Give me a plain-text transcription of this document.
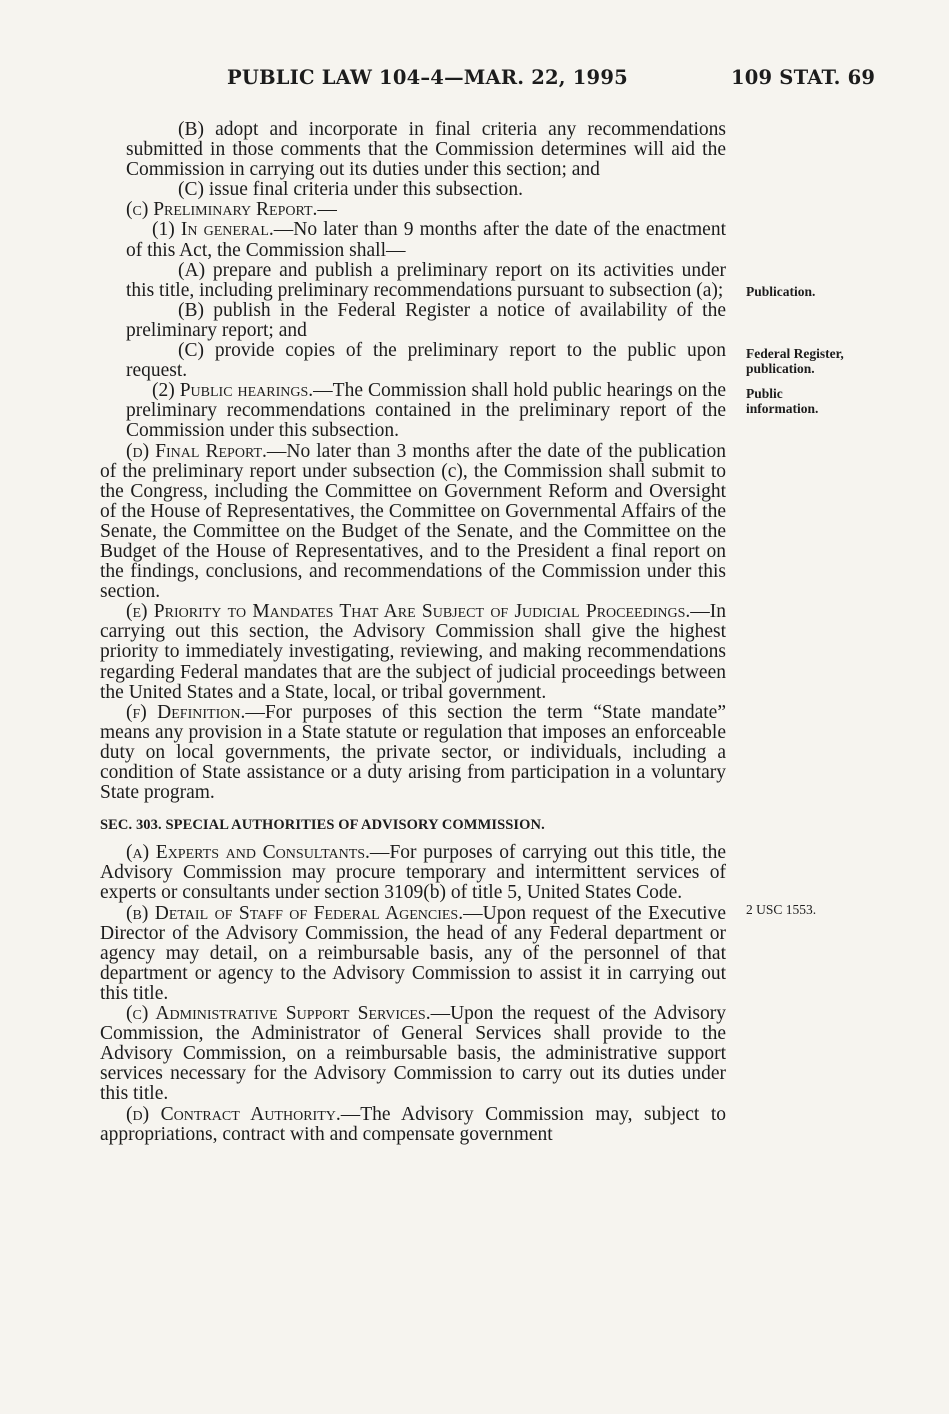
PUBLIC LAW 104–4—MAR. 22, 1995	109 STAT. 69

(B) adopt and incorporate in final criteria any recommendations submitted in those comments that the Commission determines will aid the Commission in carrying out its duties under this section; and

(C) issue final criteria under this subsection.

(c) Preliminary Report.—

(1) In general.—No later than 9 months after the date of the enactment of this Act, the Commission shall—

(A) prepare and publish a preliminary report on its activities under this title, including preliminary recommendations pursuant to subsection (a);

(B) publish in the Federal Register a notice of availability of the preliminary report; and

(C) provide copies of the preliminary report to the public upon request.

(2) Public hearings.—The Commission shall hold public hearings on the preliminary recommendations contained in the preliminary report of the Commission under this subsection.

(d) Final Report.—No later than 3 months after the date of the publication of the preliminary report under subsection (c), the Commission shall submit to the Congress, including the Committee on Government Reform and Oversight of the House of Representatives, the Committee on Governmental Affairs of the Senate, the Committee on the Budget of the Senate, and the Committee on the Budget of the House of Representatives, and to the President a final report on the findings, conclusions, and recommendations of the Commission under this section.

(e) Priority to Mandates That Are Subject of Judicial Proceedings.—In carrying out this section, the Advisory Commission shall give the highest priority to immediately investigating, reviewing, and making recommendations regarding Federal mandates that are the subject of judicial proceedings between the United States and a State, local, or tribal government.

(f) Definition.—For purposes of this section the term “State mandate” means any provision in a State statute or regulation that imposes an enforceable duty on local governments, the private sector, or individuals, including a condition of State assistance or a duty arising from participation in a voluntary State program.

SEC. 303. SPECIAL AUTHORITIES OF ADVISORY COMMISSION.

(a) Experts and Consultants.—For purposes of carrying out this title, the Advisory Commission may procure temporary and intermittent services of experts or consultants under section 3109(b) of title 5, United States Code.

(b) Detail of Staff of Federal Agencies.—Upon request of the Executive Director of the Advisory Commission, the head of any Federal department or agency may detail, on a reimbursable basis, any of the personnel of that department or agency to the Advisory Commission to assist it in carrying out this title.

(c) Administrative Support Services.—Upon the request of the Advisory Commission, the Administrator of General Services shall provide to the Advisory Commission, on a reimbursable basis, the administrative support services necessary for the Advisory Commission to carry out its duties under this title.

(d) Contract Authority.—The Advisory Commission may, subject to appropriations, contract with and compensate government

Publication.
Federal Register,
publication.
Public
information.
2 USC 1553.
